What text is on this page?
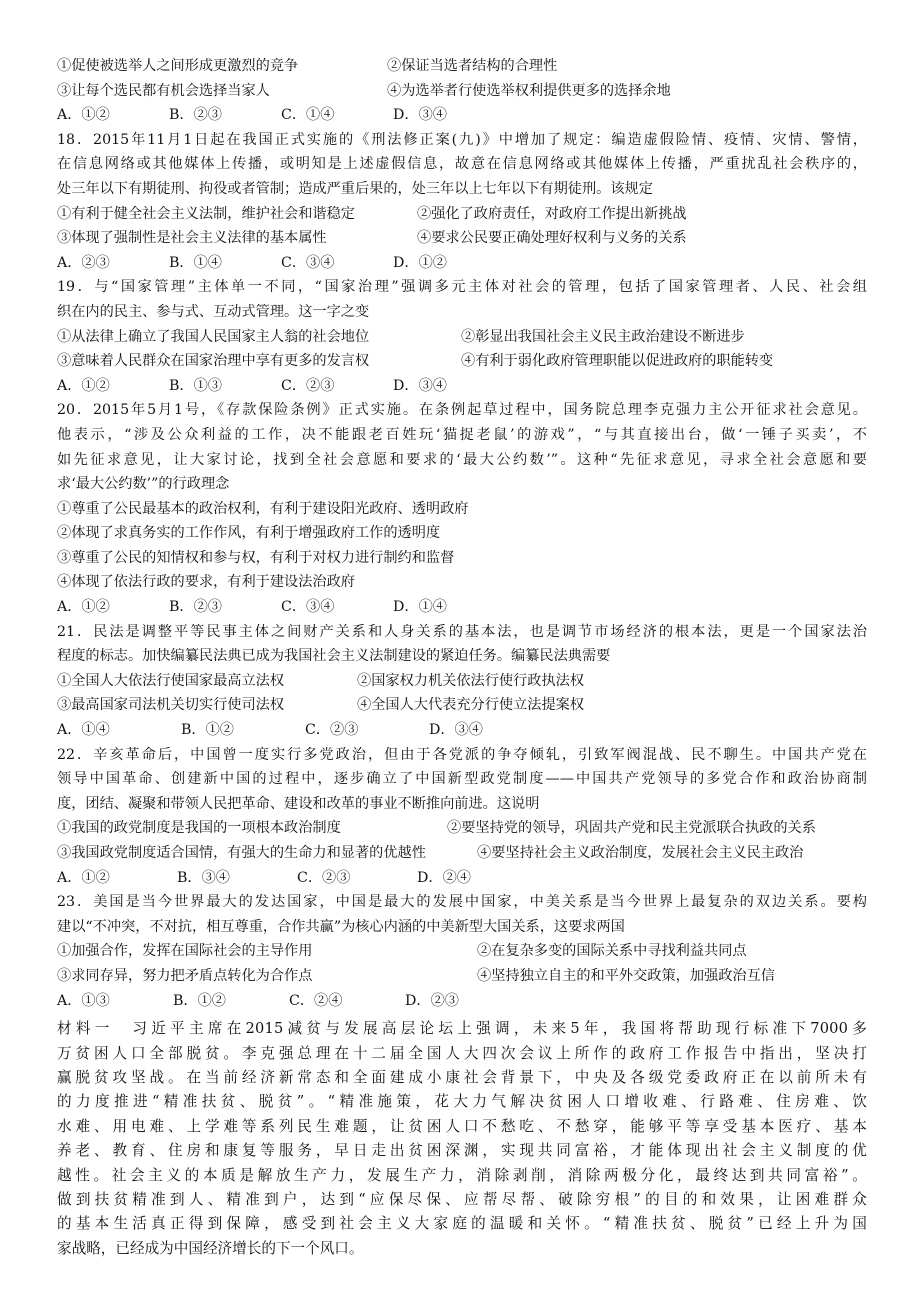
①促使被选举人之间形成更激烈的竞争	②保证当选者结构的合理性
③让每个选民都有机会选择当家人	④为选举者行使选举权利提供更多的选择余地
A．①②	B．②③	C．①④	D．③④
18．2015年11月1日起在我国正式实施的《刑法修正案(九)》中增加了规定：编造虚假险情、疫情、灾情、警情，
在信息网络或其他媒体上传播，或明知是上述虚假信息，故意在信息网络或其他媒体上传播，严重扰乱社会秩序的，
处三年以下有期徒刑、拘役或者管制；造成严重后果的，处三年以上七年以下有期徒刑。该规定
①有利于健全社会主义法制，维护社会和谐稳定	②强化了政府责任，对政府工作提出新挑战
③体现了强制性是社会主义法律的基本属性	④要求公民要正确处理好权利与义务的关系
A．②③	B．①④	C．③④	D．①②
19．与“国家管理”主体单一不同，“国家治理”强调多元主体对社会的管理，包括了国家管理者、人民、社会组
织在内的民主、参与式、互动式管理。这一字之变
①从法律上确立了我国人民国家主人翁的社会地位	②彰显出我国社会主义民主政治建设不断进步
③意味着人民群众在国家治理中享有更多的发言权	④有利于弱化政府管理职能以促进政府的职能转变
A．①②	B．①③	C．②③	D．③④
20．2015年5月1号，《存款保险条例》正式实施。在条例起草过程中，国务院总理李克强力主公开征求社会意见。
他表示，“涉及公众利益的工作，决不能跟老百姓玩‘猫捉老鼠’的游戏”，“与其直接出台，做‘一锤子买卖’，不
如先征求意见，让大家讨论，找到全社会意愿和要求的‘最大公约数’”。这种“先征求意见，寻求全社会意愿和要
求‘最大公约数’”的行政理念
①尊重了公民最基本的政治权利，有利于建设阳光政府、透明政府
②体现了求真务实的工作作风，有利于增强政府工作的透明度
③尊重了公民的知情权和参与权，有利于对权力进行制约和监督
④体现了依法行政的要求，有利于建设法治政府
A．①②	B．②③	C．③④	D．①④
21．民法是调整平等民事主体之间财产关系和人身关系的基本法，也是调节市场经济的根本法，更是一个国家法治
程度的标志。加快编纂民法典已成为我国社会主义法制建设的紧迫任务。编纂民法典需要
①全国人大依法行使国家最高立法权	②国家权力机关依法行使行政执法权
③最高国家司法机关切实行使司法权	④全国人大代表充分行使立法提案权
A．①④	B．①②	C．②③	D．③④
22．辛亥革命后，中国曾一度实行多党政治，但由于各党派的争夺倾轧，引致军阀混战、民不聊生。中国共产党在
领导中国革命、创建新中国的过程中，逐步确立了中国新型政党制度——中国共产党领导的多党合作和政治协商制
度，团结、凝聚和带领人民把革命、建设和改革的事业不断推向前进。这说明
①我国的政党制度是我国的一项根本政治制度	②要坚持党的领导，巩固共产党和民主党派联合执政的关系
③我国政党制度适合国情，有强大的生命力和显著的优越性	④要坚持社会主义政治制度，发展社会主义民主政治
A．①②	B．③④	C．②③	D．②④
23．美国是当今世界最大的发达国家，中国是最大的发展中国家，中美关系是当今世界上最复杂的双边关系。要构
建以“不冲突，不对抗，相互尊重，合作共赢”为核心内涵的中美新型大国关系，这要求两国
①加强合作，发挥在国际社会的主导作用	②在复杂多变的国际关系中寻找利益共同点
③求同存异，努力把矛盾点转化为合作点	④坚持独立自主的和平外交政策，加强政治互信
A．①③	B．①②	C．②④	D．②③
材料一　习近平主席在2015减贫与发展高层论坛上强调，未来5年，我国将帮助现行标准下7000多
万贫困人口全部脱贫。李克强总理在十二届全国人大四次会议上所作的政府工作报告中指出，坚决打
赢脱贫攻坚战。在当前经济新常态和全面建成小康社会背景下，中央及各级党委政府正在以前所未有
的力度推进“精准扶贫、脱贫”。“精准施策，花大力气解决贫困人口增收难、行路难、住房难、饮
水难、用电难、上学难等系列民生难题，让贫困人口不愁吃、不愁穿，能够平等享受基本医疗、基本
养老、教育、住房和康复等服务，早日走出贫困深渊，实现共同富裕，才能体现出社会主义制度的优
越性。社会主义的本质是解放生产力，发展生产力，消除剥削，消除两极分化，最终达到共同富裕”。
做到扶贫精准到人、精准到户，达到“应保尽保、应帮尽帮、破除穷根”的目的和效果，让困难群众
的基本生活真正得到保障，感受到社会主义大家庭的温暖和关怀。“精准扶贫、脱贫”已经上升为国
家战略，已经成为中国经济增长的下一个风口。
